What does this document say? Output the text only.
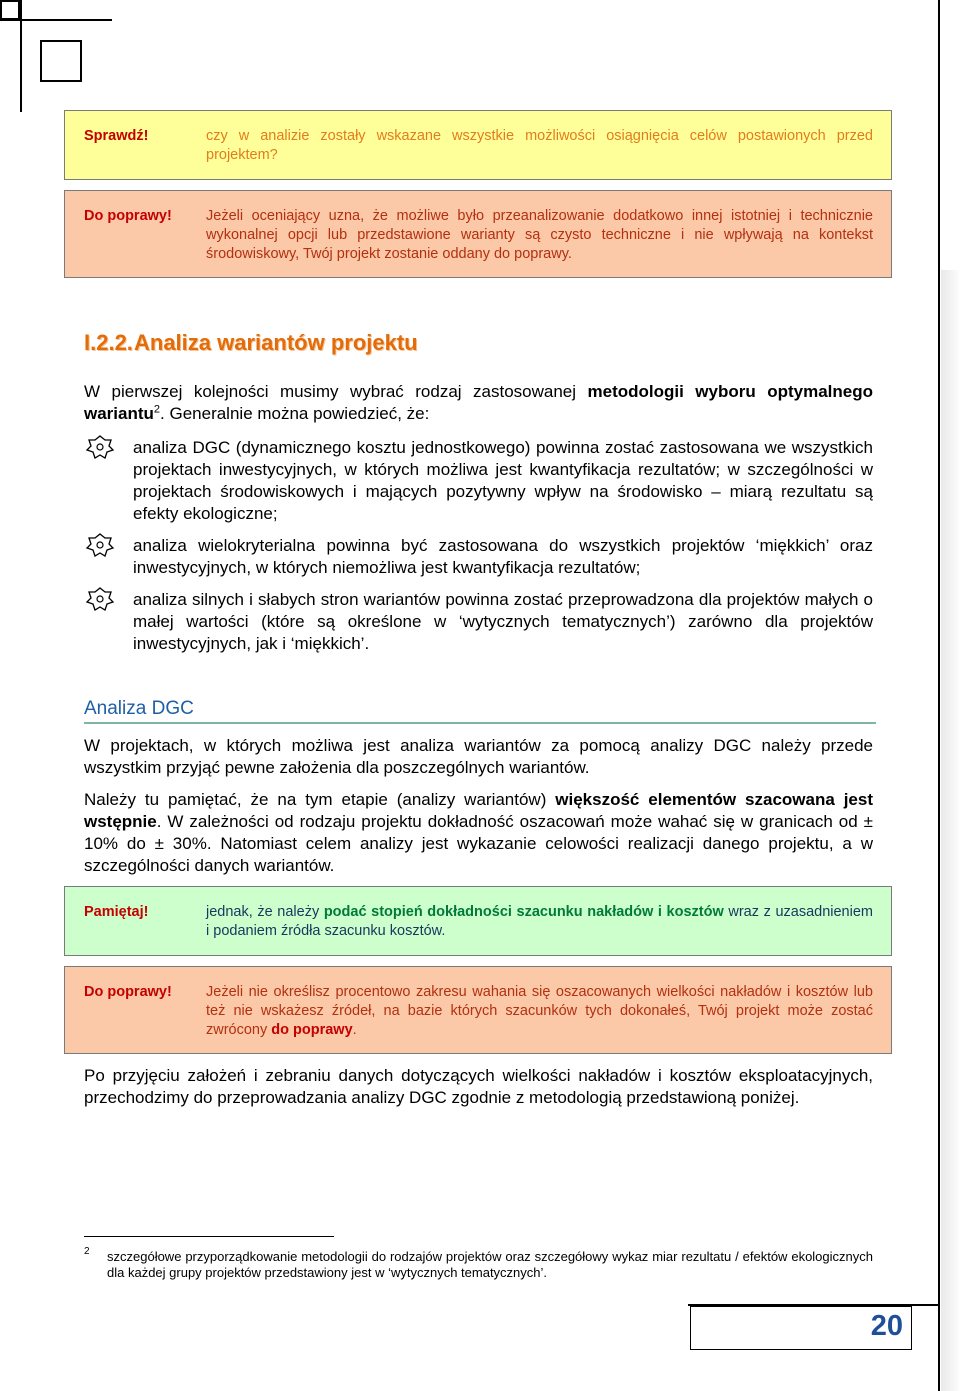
Sprawdź!	czy w analizie zostały wskazane wszystkie możliwości osiągnięcia celów postawionych przed projektem?
Do poprawy! Jeżeli oceniający uzna, że możliwe było przeanalizowanie dodatkowo innej istotniej i technicznie wykonalnej opcji lub przedstawione warianty są czysto techniczne i nie wpływają na kontekst środowiskowy, Twój projekt zostanie oddany do poprawy.
I.2.2.Analiza wariantów projektu
W pierwszej kolejności musimy wybrać rodzaj zastosowanej metodologii wyboru optymalnego wariantu$^2$. Generalnie można powiedzieć, że:
analiza DGC (dynamicznego kosztu jednostkowego) powinna zostać zastosowana we wszystkich projektach inwestycyjnych, w których możliwa jest kwantyfikacja rezultatów; w szczególności w projektach środowiskowych i mających pozytywny wpływ na środowisko – miarą rezultatu są efekty ekologiczne;
analiza wielokryterialna powinna być zastosowana do wszystkich projektów ‘miękkich’ oraz inwestycyjnych, w których niemożliwa jest kwantyfikacja rezultatów;
analiza silnych i słabych stron wariantów powinna zostać przeprowadzona dla projektów małych o małej wartości (które są określone w ‘wytycznych tematycznych’) zarówno dla projektów inwestycyjnych, jak i ‘miękkich’.
Analiza DGC
W projektach, w których możliwa jest analiza wariantów za pomocą analizy DGC należy przede wszystkim przyjąć pewne założenia dla poszczególnych wariantów.
Należy tu pamiętać, że na tym etapie (analizy wariantów) większość elementów szacowana jest wstępnie. W zależności od rodzaju projektu dokładność oszacowań może wahać się w granicach od ± 10% do ± 30%. Natomiast celem analizy jest wykazanie celowości realizacji danego projektu, a w szczególności danych wariantów.
Pamiętaj!	jednak, że należy podać stopień dokładności szacunku nakładów i kosztów wraz z uzasadnieniem i podaniem źródła szacunku kosztów.
Do poprawy! Jeżeli nie określisz procentowo zakresu wahania się oszacowanych wielkości nakładów i kosztów lub też nie wskażesz źródeł, na bazie których szacunków tych dokonałeś, Twój projekt może zostać zwrócony do poprawy.
Po przyjęciu założeń i zebraniu danych dotyczących wielkości nakładów i kosztów eksploatacyjnych, przechodzimy do przeprowadzania analizy DGC zgodnie z metodologią przedstawioną poniżej.
2 szczegółowe przyporządkowanie metodologii do rodzajów projektów oraz szczegółowy wykaz miar rezultatu / efektów ekologicznych dla każdej grupy projektów przedstawiony jest w ‘wytycznych tematycznych’.
20
